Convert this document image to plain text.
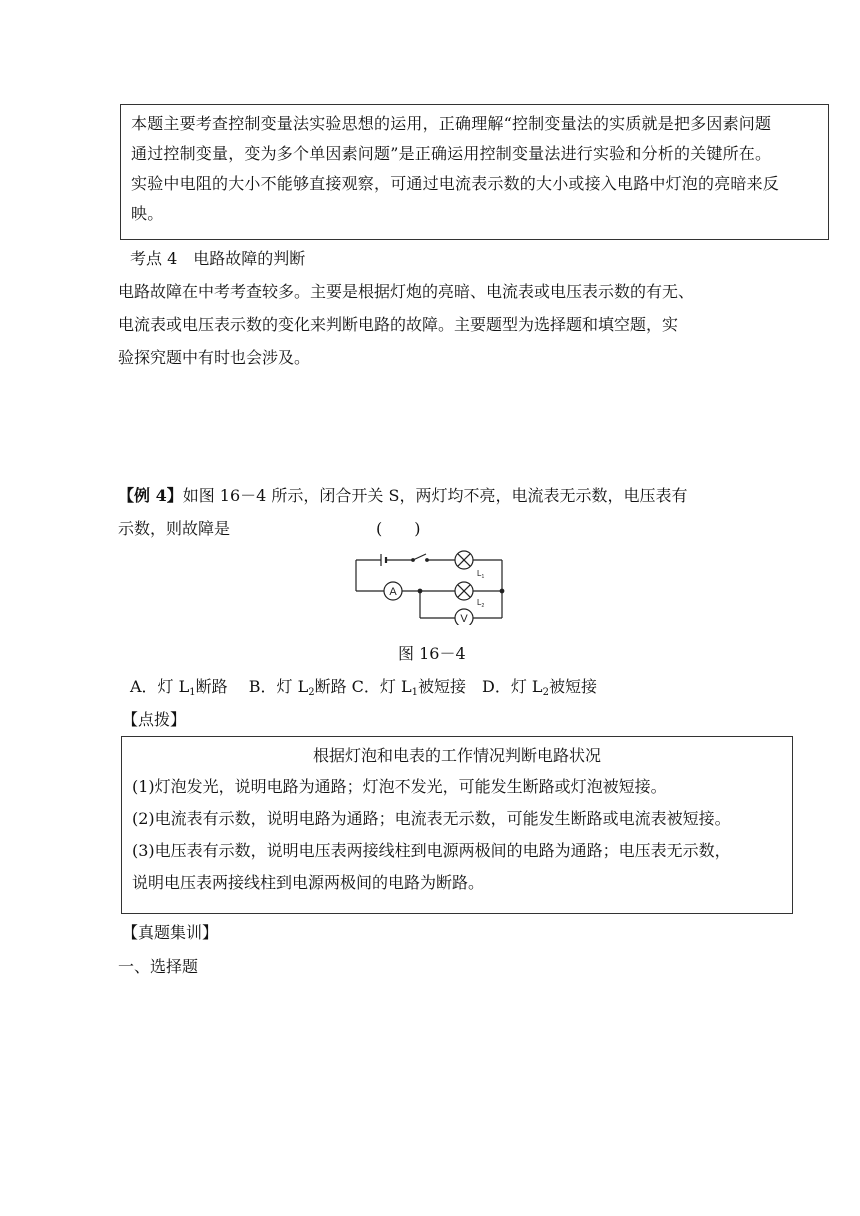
本题主要考查控制变量法实验思想的运用，正确理解“控制变量法的实质就是把多因素问题

通过控制变量，变为多个单因素问题”是正确运用控制变量法进行实验和分析的关键所在。

实验中电阻的大小不能够直接观察，可通过电流表示数的大小或接入电路中灯泡的亮暗来反

映。

考点 4　电路故障的判断
电路故障在中考考查较多。主要是根据灯炮的亮暗、电流表或电压表示数的有无、
电流表或电压表示数的变化来判断电路的故障。主要题型为选择题和填空题，实
验探究题中有时也会涉及。
【例 4】如图 16－4 所示，闭合开关 S，两灯均不亮，电流表无示数，电压表有
示数，则故障是	(　　)
A
V
$L_1$
$L_2$
图 16－4
A．灯 $L_1$断路　 B．灯 $L_2$断路 C．灯 $L_1$被短接　D．灯 $L_2$被短接
【点拨】

根据灯泡和电表的工作情况判断电路状况

(1)灯泡发光，说明电路为通路；灯泡不发光，可能发生断路或灯泡被短接。

(2)电流表有示数，说明电路为通路；电流表无示数，可能发生断路或电流表被短接。

(3)电压表有示数，说明电压表两接线柱到电源两极间的电路为通路；电压表无示数，

说明电压表两接线柱到电源两极间的电路为断路。

【真题集训】
一、选择题
